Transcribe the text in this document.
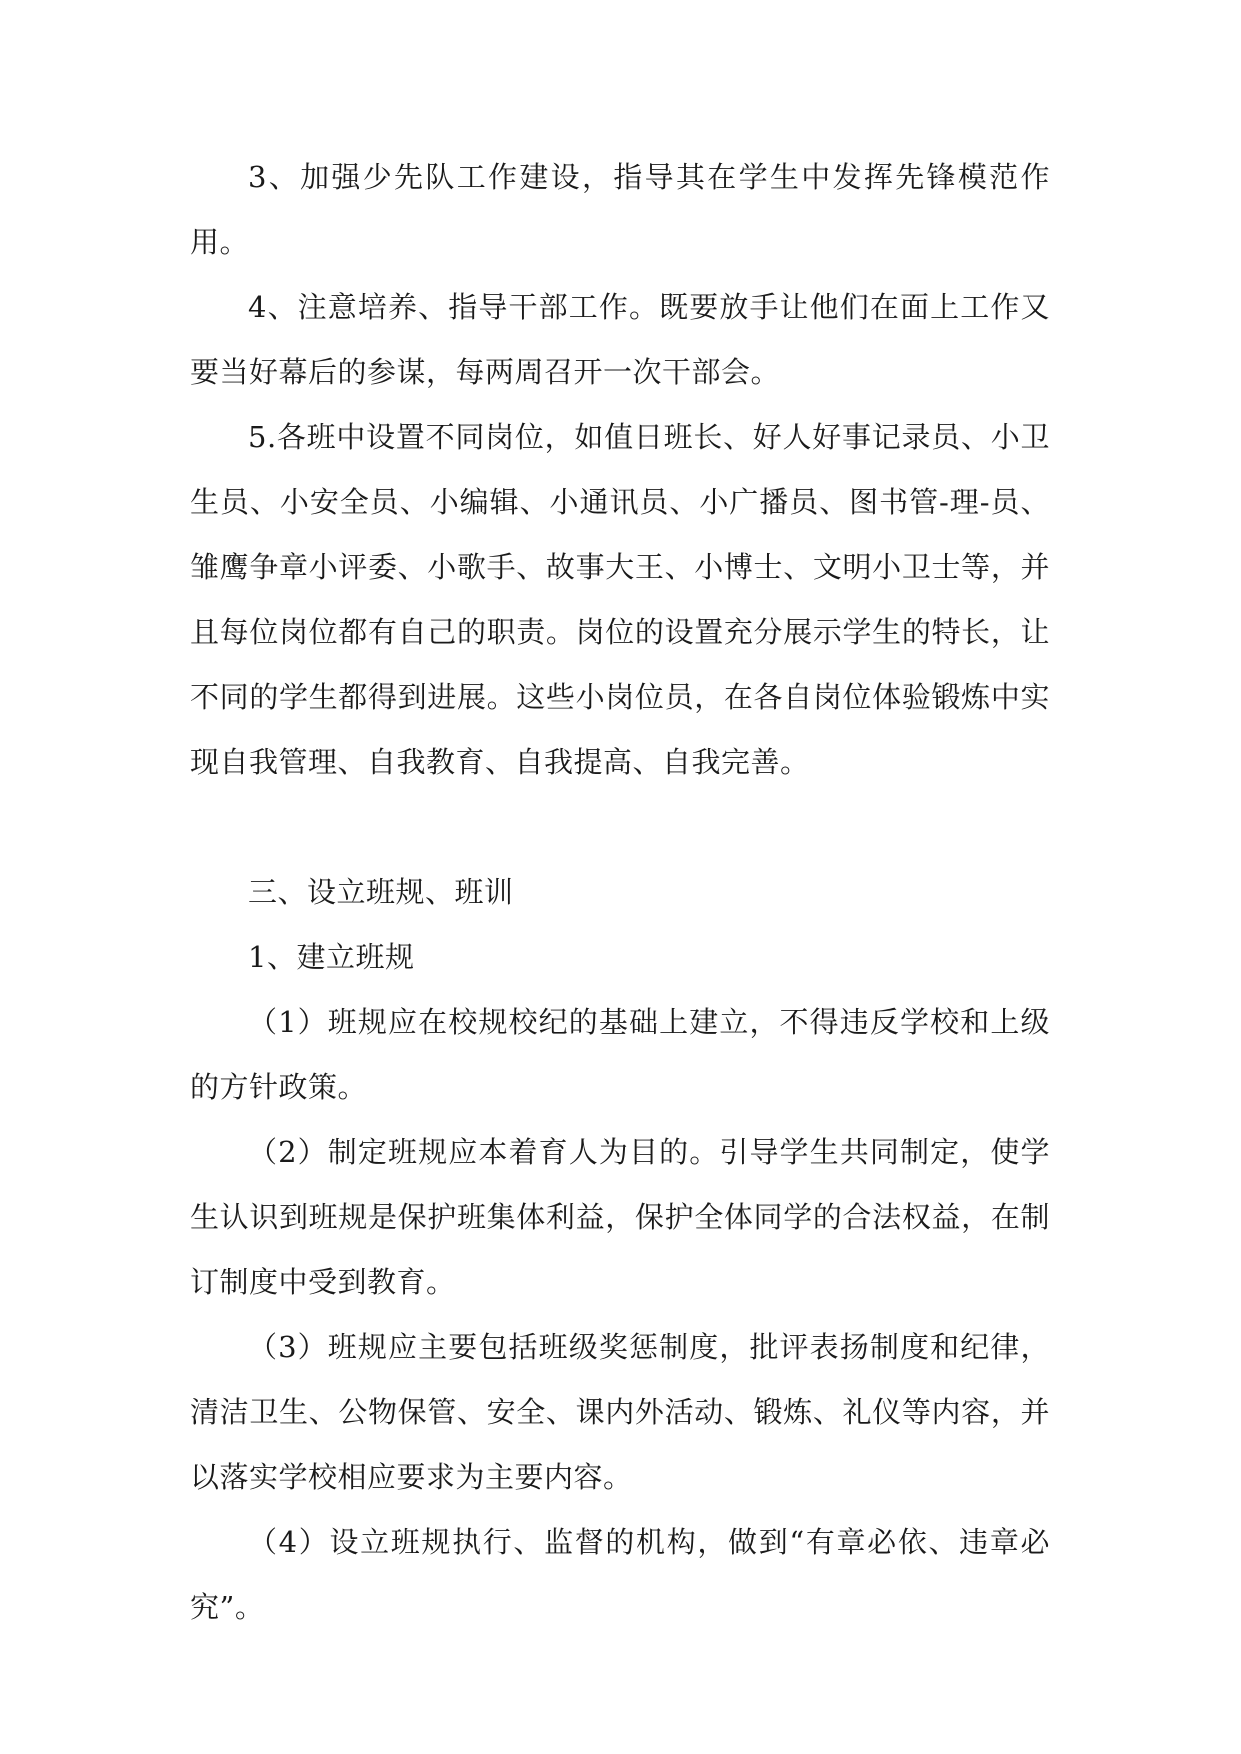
3、加强少先队工作建设，指导其在学生中发挥先锋模范作用。

4、注意培养、指导干部工作。既要放手让他们在面上工作又要当好幕后的参谋，每两周召开一次干部会。

5.各班中设置不同岗位，如值日班长、好人好事记录员、小卫生员、小安全员、小编辑、小通讯员、小广播员、图书管-理-员、雏鹰争章小评委、小歌手、故事大王、小博士、文明小卫士等，并且每位岗位都有自己的职责。岗位的设置充分展示学生的特长，让不同的学生都得到进展。这些小岗位员，在各自岗位体验锻炼中实现自我管理、自我教育、自我提高、自我完善。

三、设立班规、班训

1、建立班规

（1）班规应在校规校纪的基础上建立，不得违反学校和上级的方针政策。

（2）制定班规应本着育人为目的。引导学生共同制定，使学生认识到班规是保护班集体利益，保护全体同学的合法权益，在制订制度中受到教育。

（3）班规应主要包括班级奖惩制度，批评表扬制度和纪律，清洁卫生、公物保管、安全、课内外活动、锻炼、礼仪等内容，并以落实学校相应要求为主要内容。

（4）设立班规执行、监督的机构，做到“有章必依、违章必究”。
